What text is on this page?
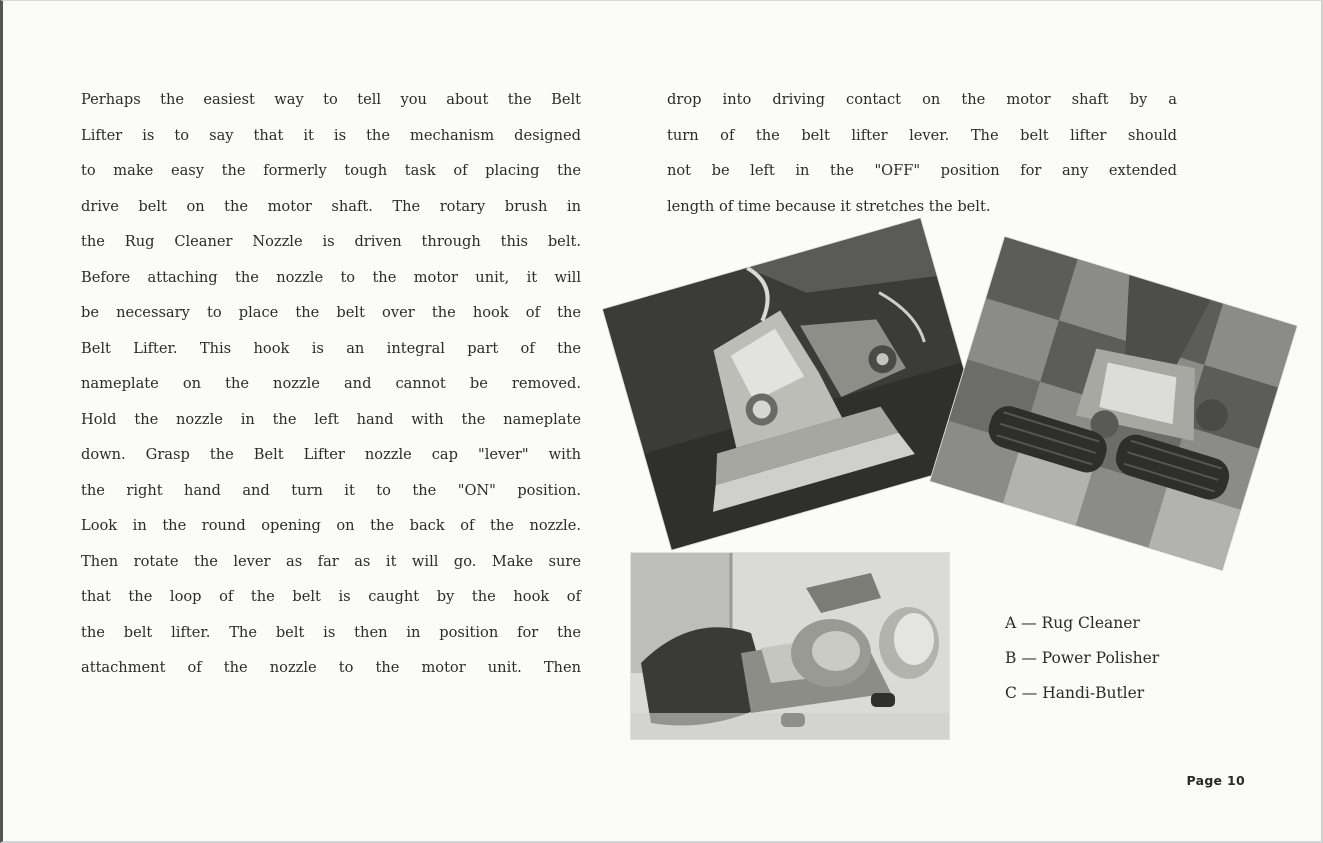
Perhaps the easiest way to tell you about the Belt
Lifter is to say that it is the mechanism designed
to make easy the formerly tough task of placing the
drive belt on the motor shaft. The rotary brush in
the Rug Cleaner Nozzle is driven through this belt.
Before attaching the nozzle to the motor unit, it will
be necessary to place the belt over the hook of the
Belt Lifter. This hook is an integral part of the
nameplate on the nozzle and cannot be removed.
Hold the nozzle in the left hand with the nameplate
down. Grasp the Belt Lifter nozzle cap "lever" with
the right hand and turn it to the "ON" position.
Look in the round opening on the back of the nozzle.
Then rotate the lever as far as it will go. Make sure
that the loop of the belt is caught by the hook of
the belt lifter. The belt is then in position for the
attachment of the nozzle to the motor unit. Then
drop into driving contact on the motor shaft by a
turn of the belt lifter lever. The belt lifter should
not be left in the "OFF" position for any extended
length of time because it stretches the belt.
A — Rug Cleaner
B — Power Polisher
C — Handi-Butler
Page 10
